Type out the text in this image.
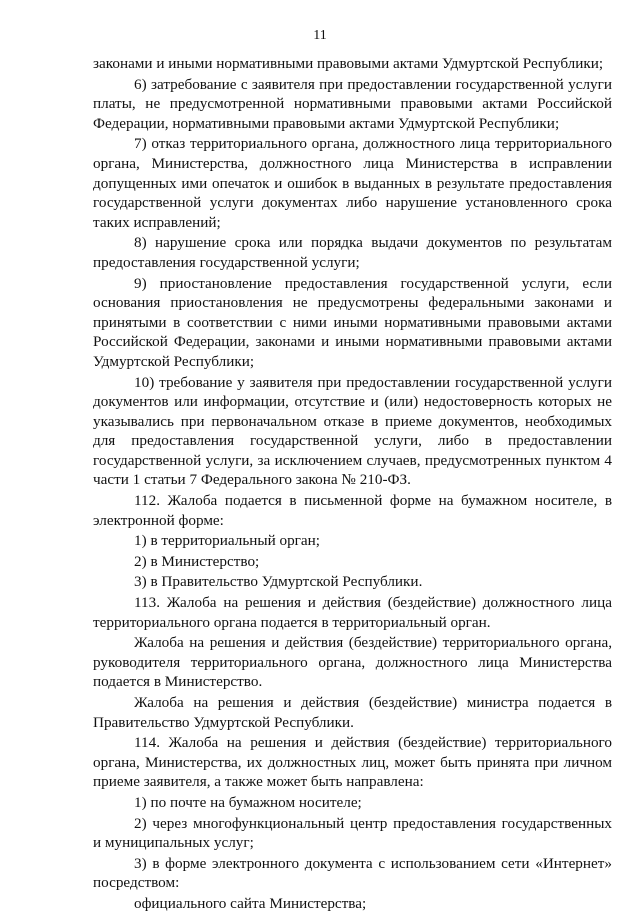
11

законами и иными нормативными правовыми актами Удмуртской Республики;

6) затребование с заявителя при предоставлении государственной услуги платы, не предусмотренной нормативными правовыми актами Российской Федерации, нормативными правовыми актами Удмуртской Республики;

7) отказ территориального органа, должностного лица территориального органа, Министерства, должностного лица Министерства в исправлении допущенных ими опечаток и ошибок в выданных в результате предоставления государственной услуги документах либо нарушение установленного срока таких исправлений;

8) нарушение срока или порядка выдачи документов по результатам предоставления государственной услуги;

9) приостановление предоставления государственной услуги, если основания приостановления не предусмотрены федеральными законами и принятыми в соответствии с ними иными нормативными правовыми актами Российской Федерации, законами и иными нормативными правовыми актами Удмуртской Республики;

10) требование у заявителя при предоставлении государственной услуги документов или информации, отсутствие и (или) недостоверность которых не указывались при первоначальном отказе в приеме документов, необходимых для предоставления государственной услуги, либо в предоставлении государственной услуги, за исключением случаев, предусмотренных пунктом 4 части 1 статьи 7 Федерального закона № 210-ФЗ.

112. Жалоба подается в письменной форме на бумажном носителе, в электронной форме:

1) в территориальный орган;

2) в Министерство;

3) в Правительство Удмуртской Республики.

113. Жалоба на решения и действия (бездействие) должностного лица территориального органа подается в территориальный орган.

Жалоба на решения и действия (бездействие) территориального органа, руководителя территориального органа, должностного лица Министерства подается в Министерство.

Жалоба на решения и действия (бездействие) министра подается в Правительство Удмуртской Республики.

114. Жалоба на решения и действия (бездействие) территориального органа, Министерства, их должностных лиц, может быть принята при личном приеме заявителя, а также может быть направлена:

1) по почте на бумажном носителе;

2) через многофункциональный центр предоставления государственных и муниципальных услуг;

3) в форме электронного документа с использованием сети «Интернет» посредством:

официального сайта Министерства;
